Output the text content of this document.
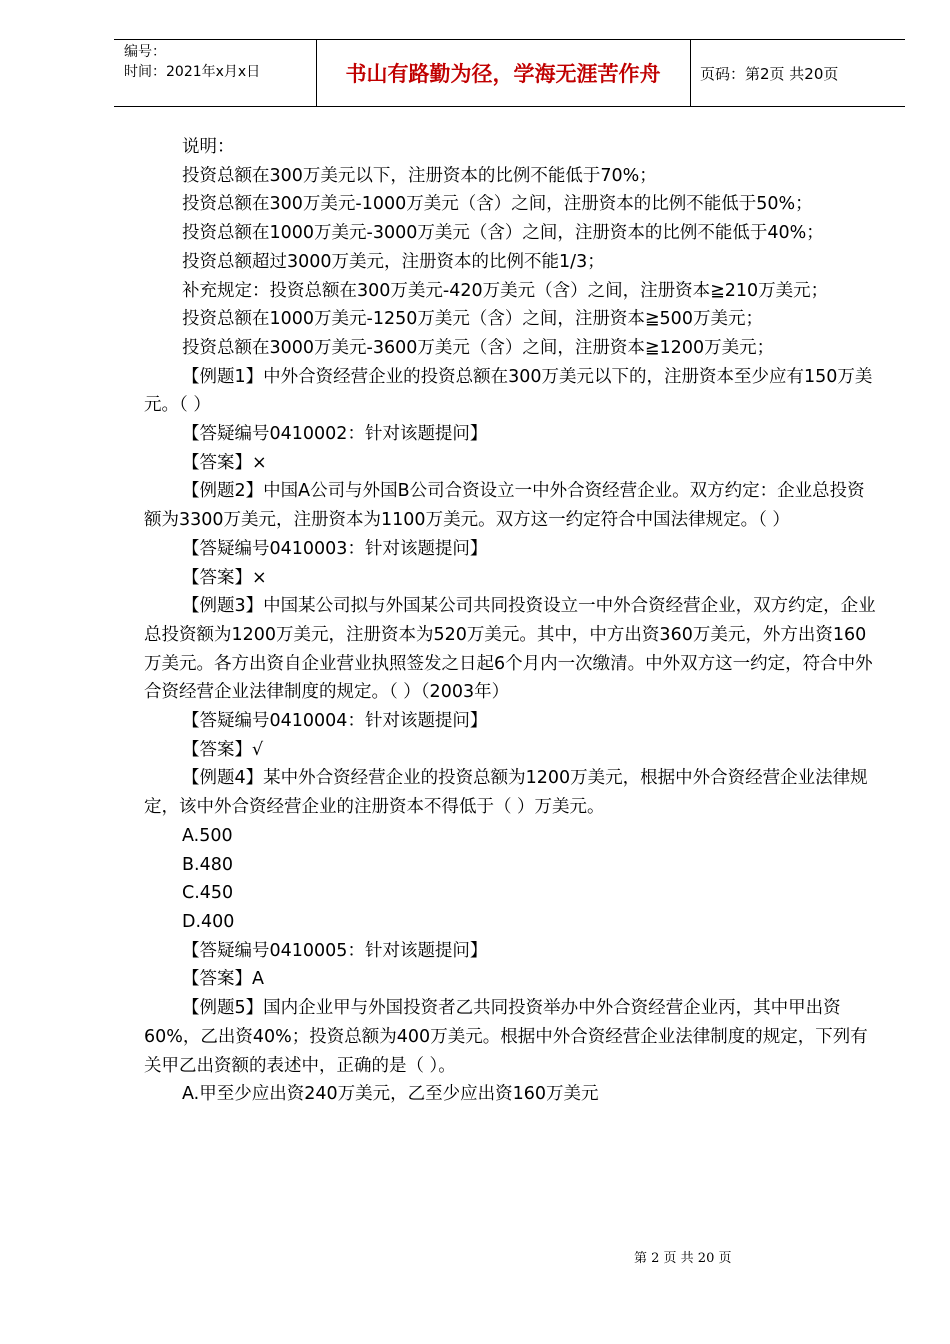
编号：
时间：2021年x月x日	书山有路勤为径，学海无涯苦作舟	页码：第2页 共20页

说明：

投资总额在300万美元以下，注册资本的比例不能低于70%；

投资总额在300万美元-1000万美元（含）之间，注册资本的比例不能低于50%；

投资总额在1000万美元-3000万美元（含）之间，注册资本的比例不能低于40%；

投资总额超过3000万美元，注册资本的比例不能1/3；

补充规定：投资总额在300万美元-420万美元（含）之间，注册资本≧210万美元；

投资总额在1000万美元-1250万美元（含）之间，注册资本≧500万美元；

投资总额在3000万美元-3600万美元（含）之间，注册资本≧1200万美元；

【例题1】中外合资经营企业的投资总额在300万美元以下的，注册资本至少应有150万美元。（ ）

【答疑编号0410002：针对该题提问】

【答案】×

【例题2】中国A公司与外国B公司合资设立一中外合资经营企业。双方约定：企业总投资额为3300万美元，注册资本为1100万美元。双方这一约定符合中国法律规定。（ ）

【答疑编号0410003：针对该题提问】

【答案】×

【例题3】中国某公司拟与外国某公司共同投资设立一中外合资经营企业，双方约定，企业总投资额为1200万美元，注册资本为520万美元。其中，中方出资360万美元，外方出资160万美元。各方出资自企业营业执照签发之日起6个月内一次缴清。中外双方这一约定，符合中外合资经营企业法律制度的规定。（ ）（2003年）

【答疑编号0410004：针对该题提问】

【答案】√

【例题4】某中外合资经营企业的投资总额为1200万美元，根据中外合资经营企业法律规定，该中外合资经营企业的注册资本不得低于（ ）万美元。

A.500

B.480

C.450

D.400

【答疑编号0410005：针对该题提问】

【答案】A

【例题5】国内企业甲与外国投资者乙共同投资举办中外合资经营企业丙，其中甲出资60%，乙出资40%；投资总额为400万美元。根据中外合资经营企业法律制度的规定，下列有关甲乙出资额的表述中，正确的是（ ）。

A.甲至少应出资240万美元，乙至少应出资160万美元

第 2 页 共 20 页
